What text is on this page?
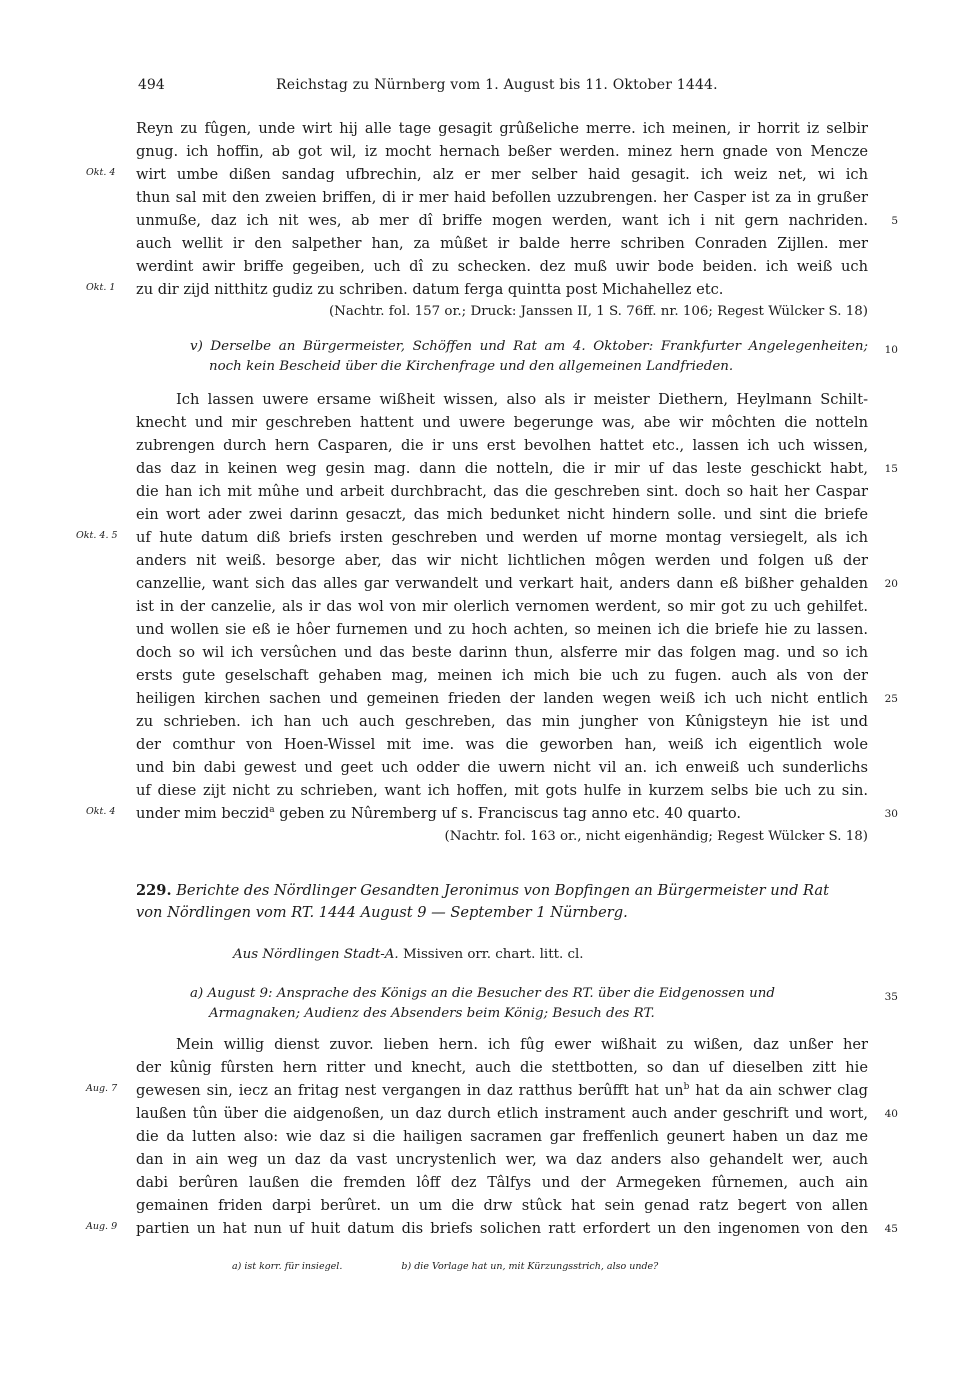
494	Reichstag zu Nürnberg vom 1. August bis 11. Oktober 1444.
Reyn zu fûgen, unde wirt hij alle tage gesagit grûßeliche merre. ich meinen, ir horrit iz selbir
gnug. ich hoffin, ab got wil, iz mocht hernach beßer werden. minez hern gnade von Mencze
wirt umbe dißen sandag ufbrechin, alz er mer selber haid gesagit. ich weiz net, wi ich
thun sal mit den zweien briffen, di ir mer haid befollen uzzubrengen. her Casper ist za in grußer
unmuße, daz ich nit wes, ab mer dî briffe mogen werden, want ich i nit gern nachriden.
auch wellit ir den salpether han, za mûßet ir balde herre schriben Conraden Zijllen. mer
werdint awir briffe gegeiben, uch dî zu schecken. dez muß uwir bode beiden. ich weiß uch
zu dir zijd nitthitz gudiz zu schriben. datum ferga quintta post Michahellez etc.
(Nachtr. fol. 157 or.; Druck: Janssen II, 1 S. 76ff. nr. 106; Regest Wülcker S. 18)
v) Derselbe an Bürgermeister, Schöffen und Rat am 4. Oktober: Frankfurter Angelegenheiten;
noch kein Bescheid über die Kirchenfrage und den allgemeinen Landfrieden.
Ich lassen uwere ersame wißheit wissen, also als ir meister Diethern, Heylmann Schilt-
knecht und mir geschreben hattent und uwere begerunge was, abe wir môchten die notteln
zubrengen durch hern Casparen, die ir uns erst bevolhen hattet etc., lassen ich uch wissen,
das daz in keinen weg gesin mag. dann die notteln, die ir mir uf das leste geschickt habt,
die han ich mit mûhe und arbeit durchbracht, das die geschreben sint. doch so hait her Caspar
ein wort ader zwei darinn gesaczt, das mich bedunket nicht hindern solle. und sint die briefe
uf hute datum diß briefs irsten geschreben und werden uf morne montag versiegelt, als ich
anders nit weiß. besorge aber, das wir nicht lichtlichen môgen werden und folgen uß der
canzellie, want sich das alles gar verwandelt und verkart hait, anders dann eß bißher gehalden
ist in der canzelie, als ir das wol von mir olerlich vernomen werdent, so mir got zu uch gehilfet.
und wollen sie eß ie hôer furnemen und zu hoch achten, so meinen ich die briefe hie zu lassen.
doch so wil ich versûchen und das beste darinn thun, alsferre mir das folgen mag. und so ich
ersts gute geselschaft gehaben mag, meinen ich mich bie uch zu fugen. auch als von der
heiligen kirchen sachen und gemeinen frieden der landen wegen weiß ich uch nicht entlich
zu schrieben. ich han uch auch geschreben, das min jungher von Kûnigsteyn hie ist und
der comthur von Hoen-Wissel mit ime. was die geworben han, weiß ich eigentlich wole
und bin dabi gewest und geet uch odder die uwern nicht vil an. ich enweiß uch sunderlichs
uf diese zijt nicht zu schrieben, want ich hoffen, mit gots hulfe in kurzem selbs bie uch zu sin.
under mim beczid$^a$ geben zu Nûremberg uf s. Franciscus tag anno etc. 40 quarto.
(Nachtr. fol. 163 or., nicht eigenhändig; Regest Wülcker S. 18)
229. Berichte des Nördlinger Gesandten Jeronimus von Bopfingen an Bürgermeister und Rat
von Nördlingen vom RT. 1444 August 9 — September 1 Nürnberg.
Aus Nördlingen Stadt-A. Missiven orr. chart. litt. cl.
a) August 9: Ansprache des Königs an die Besucher des RT. über die Eidgenossen und
Armagnaken; Audienz des Absenders beim König; Besuch des RT.
Mein willig dienst zuvor. lieben hern. ich fûg ewer wißhait zu wißen, daz unßer her
der kûnig fûrsten hern ritter und knecht, auch die stettbotten, so dan uf dieselben zitt hie
gewesen sin, iecz an fritag nest vergangen in daz ratthus berûfft hat $un^b$ hat da ain schwer clag
laußen tûn über die aidgenoßen, un daz durch etlich instrament auch ander geschrift und wort,
die da lutten also: wie daz si die hailigen sacramen gar freffenlich geunert haben un daz me
dan in ain weg un daz da vast uncrystenlich wer, wa daz anders also gehandelt wer, auch
dabi berûren laußen die fremden lôff dez Tâlfys und der Armegeken fûrnemen, auch ain
gemainen friden darpi berûret. un um die drw stûck hat sein genad ratz begert von allen
partien un hat nun uf huit datum dis briefs solichen ratt erfordert un den ingenomen von den
Okt. 4
Okt. 1
Okt. 4. 5
Okt. 4
Aug. 7
Aug. 9
5
10
15
20
25
30
35
40
45
a) ist korr. für insiegel.	b) die Vorlage hat un, mit Kürzungsstrich, also unde?
